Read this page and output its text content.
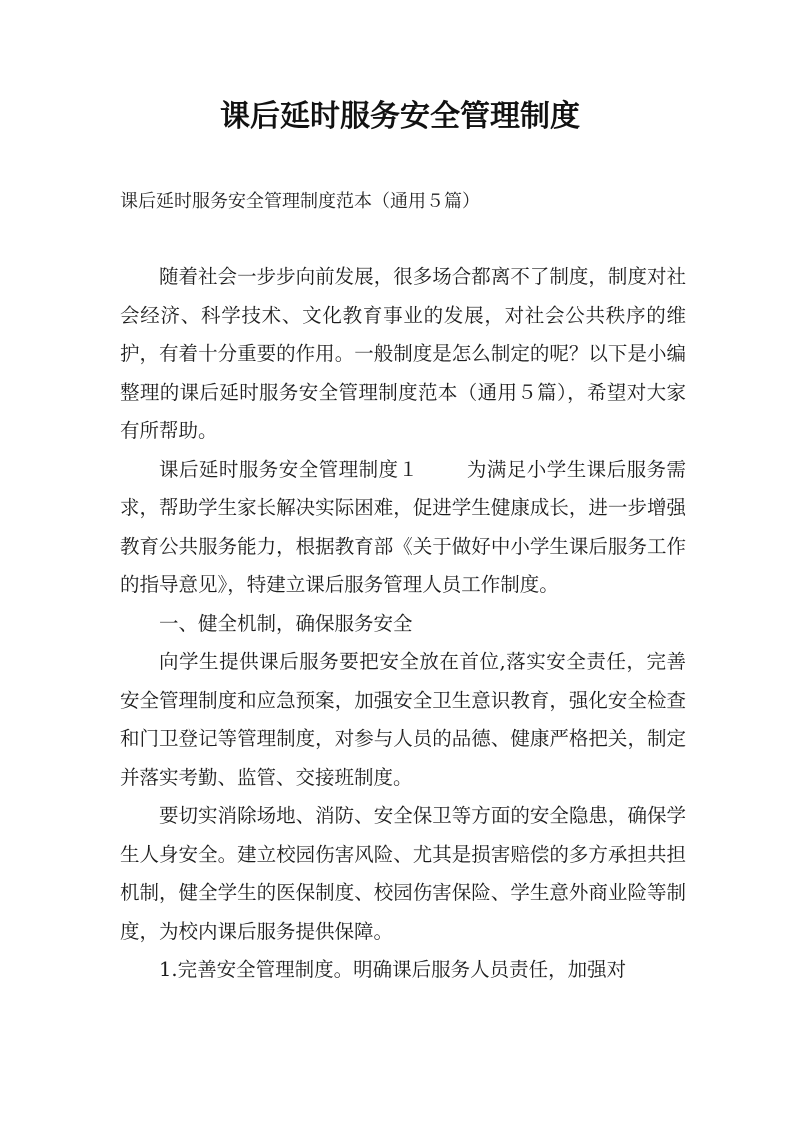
课后延时服务安全管理制度
课后延时服务安全管理制度范本（通用５篇）

随着社会一步步向前发展，很多场合都离不了制度，制度对社会经济、科学技术、文化教育事业的发展，对社会公共秩序的维护，有着十分重要的作用。一般制度是怎么制定的呢？以下是小编整理的课后延时服务安全管理制度范本（通用５篇），希望对大家有所帮助。

课后延时服务安全管理制度１ 为满足小学生课后服务需求，帮助学生家长解决实际困难，促进学生健康成长，进一步增强教育公共服务能力，根据教育部《关于做好中小学生课后服务工作的指导意见》，特建立课后服务管理人员工作制度。

一、健全机制，确保服务安全

向学生提供课后服务要把安全放在首位,落实安全责任，完善安全管理制度和应急预案，加强安全卫生意识教育，强化安全检查和门卫登记等管理制度，对参与人员的品德、健康严格把关，制定并落实考勤、监管、交接班制度。

要切实消除场地、消防、安全保卫等方面的安全隐患，确保学生人身安全。建立校园伤害风险、尤其是损害赔偿的多方承担共担机制，健全学生的医保制度、校园伤害保险、学生意外商业险等制度，为校内课后服务提供保障。

1.完善安全管理制度。明确课后服务人员责任，加强对
